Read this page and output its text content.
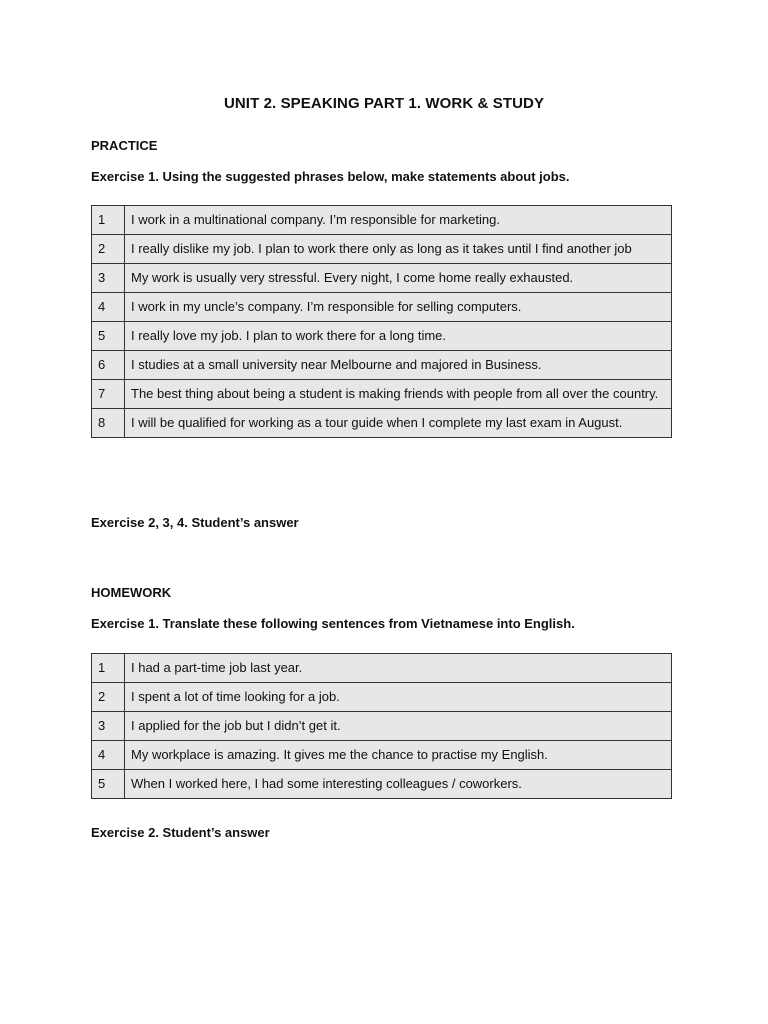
UNIT 2. SPEAKING PART 1. WORK & STUDY
PRACTICE
Exercise 1. Using the suggested phrases below, make statements about jobs.
1	I work in a multinational company. I’m responsible for marketing.
2	I really dislike my job. I plan to work there only as long as it takes until I find another job
3	My work is usually very stressful. Every night, I come home really exhausted.
4	I work in my uncle’s company. I’m responsible for selling computers.
5	I really love my job. I plan to work there for a long time.
6	I studies at a small university near Melbourne and majored in Business.
7	The best thing about being a student is making friends with people from all over the country.
8	I will be qualified for working as a tour guide when I complete my last exam in August.
Exercise 2, 3, 4. Student’s answer
HOMEWORK
Exercise 1. Translate these following sentences from Vietnamese into English.
1	I had a part-time job last year.
2	I spent a lot of time looking for a job.
3	I applied for the job but I didn’t get it.
4	My workplace is amazing. It gives me the chance to practise my English.
5	When I worked here, I had some interesting colleagues / coworkers.
Exercise 2. Student’s answer
